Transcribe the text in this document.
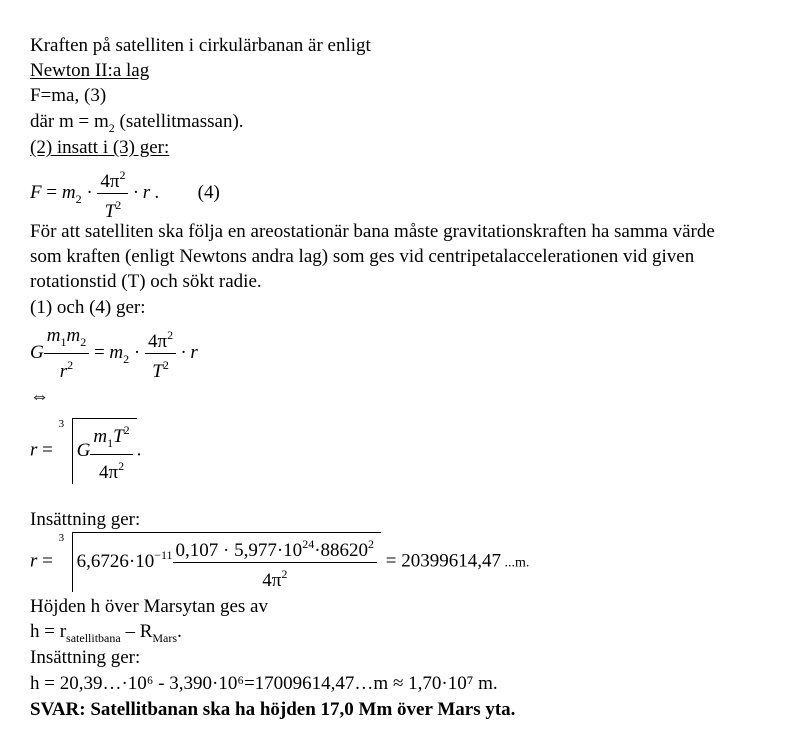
Kraften på satelliten i cirkulärbanan är enligt
Newton II:a lag
F=ma, (3)
där $m = m_2$ (satellitmassan).
(2) insatt i (3) ger:
$F = m_2 \cdot \frac{4\pi^2}{T^2} \cdot r$ . (4)
För att satelliten ska följa en areostationär bana måste gravitationskraften ha samma värde
som kraften (enligt Newtons andra lag) som ges vid centripetalaccelerationen vid given
rotationstid (T) och sökt radie.
(1) och (4) ger:
G $\frac{m_1m_2}{r^2} = m_2 \cdot \frac{4\pi^2}{T^2} \cdot r$
⇔
r =
3
G $\frac{m_1T^2}{4\pi^2}$ .
Insättning ger:
r =
3
$6,6726\cdot 10^{-11} \frac{0,107 \cdot 5,977\cdot 10^{24}\cdot 88620^2}{4\pi^2} = 20399614,47$ ...m.
Höjden h över Marsytan ges av
$h = r_{satellitbana} - R_{Mars}$.
Insättning ger:
h = 20,39…·10⁶ - 3,390·10⁶=17009614,47…m ≈ 1,70·10⁷ m.
SVAR: Satellitbanan ska ha höjden 17,0 Mm över Mars yta.
